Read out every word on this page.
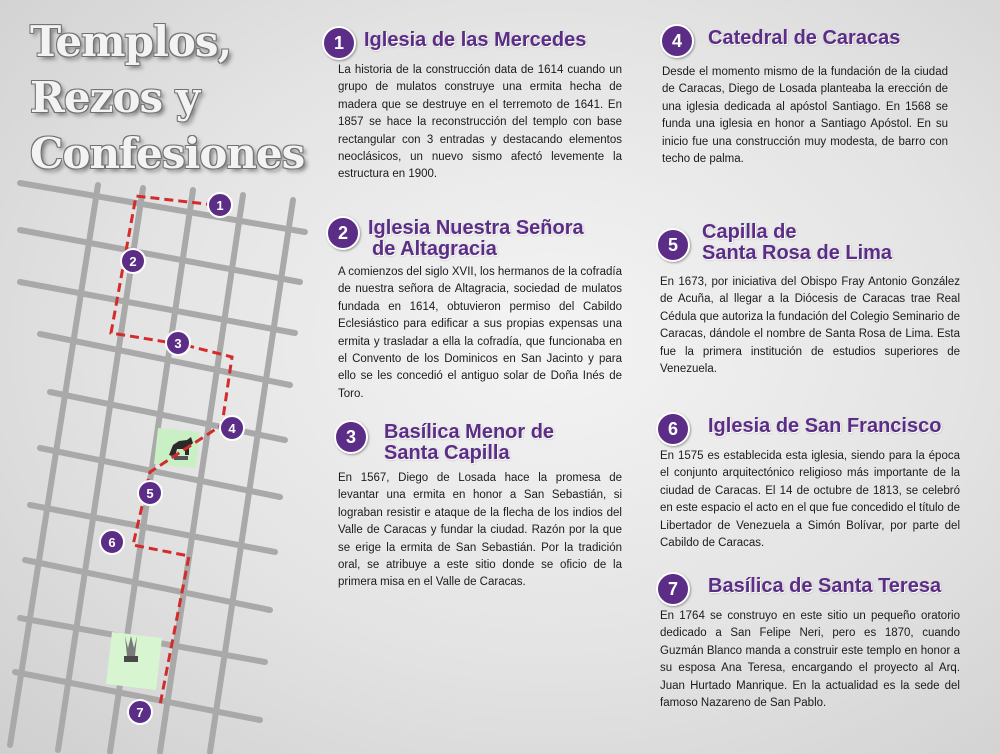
Templos,
Rezos y
Confesiones
1
2
3
4
5
6
7
1	Iglesia de las Mercedes
La historia de la construcción data de 1614 cuando un grupo de mulatos construye una ermita hecha de madera que se destruye en el terremoto de 1641. En 1857 se hace la reconstrucción del templo con base rectangular con 3 entradas y destacando elementos neoclásicos, un nuevo sismo afectó levemente la estructura en 1900.
2	Iglesia Nuestra Señora
de Altagracia
A comienzos del siglo XVII, los hermanos de la cofradía de nuestra señora de Altagracia, sociedad de mulatos fundada en 1614, obtuvieron permiso del Cabildo Eclesiástico para edificar a sus propias expensas una ermita y trasladar a ella la cofradía, que funcionaba en el Convento de los Dominicos en San Jacinto y para ello se les concedió el antiguo solar de Doña Inés de Toro.
3	Basílica Menor de
Santa Capilla
En 1567, Diego de Losada hace la promesa de levantar una ermita en honor a San Sebastián, si lograban resistir e ataque de la flecha de los indios del Valle de Caracas y fundar la ciudad. Razón por la que se erige la ermita de San Sebastián. Por la tradición oral, se atribuye a este sitio donde se oficio de la primera misa en el Valle de Caracas.
4	Catedral de Caracas
Desde el momento mismo de la fundación de la ciudad de Caracas, Diego de Losada planteaba la erección de una iglesia dedicada al apóstol Santiago. En 1568 se funda una iglesia en honor a Santiago Apóstol. En su inicio fue una construcción muy modesta, de barro con techo de palma.
5
Capilla de
Santa Rosa de Lima
En 1673, por iniciativa del Obispo Fray Antonio González de Acuña, al llegar a la Diócesis de Caracas trae Real Cédula que autoriza la fundación del Colegio Seminario de Caracas, dándole el nombre de Santa Rosa de Lima. Esta fue la primera institución de estudios superiores de Venezuela.
6	Iglesia de San Francisco
En 1575 es establecida esta iglesia, siendo para la época el conjunto arquitectónico religioso más importante de la ciudad de Caracas. El 14 de octubre de 1813, se celebró en este espacio el acto en el que fue concedido el título de Libertador de Venezuela a Simón Bolívar, por parte del Cabildo de Caracas.
7	Basílica de Santa Teresa
En 1764 se construyo en este sitio un pequeño oratorio dedicado a San Felipe Neri, pero es 1870, cuando Guzmán Blanco manda a construir este templo en honor a su esposa Ana Teresa, encargando el proyecto al Arq. Juan Hurtado Manrique. En la actualidad es la sede del famoso Nazareno de San Pablo.
